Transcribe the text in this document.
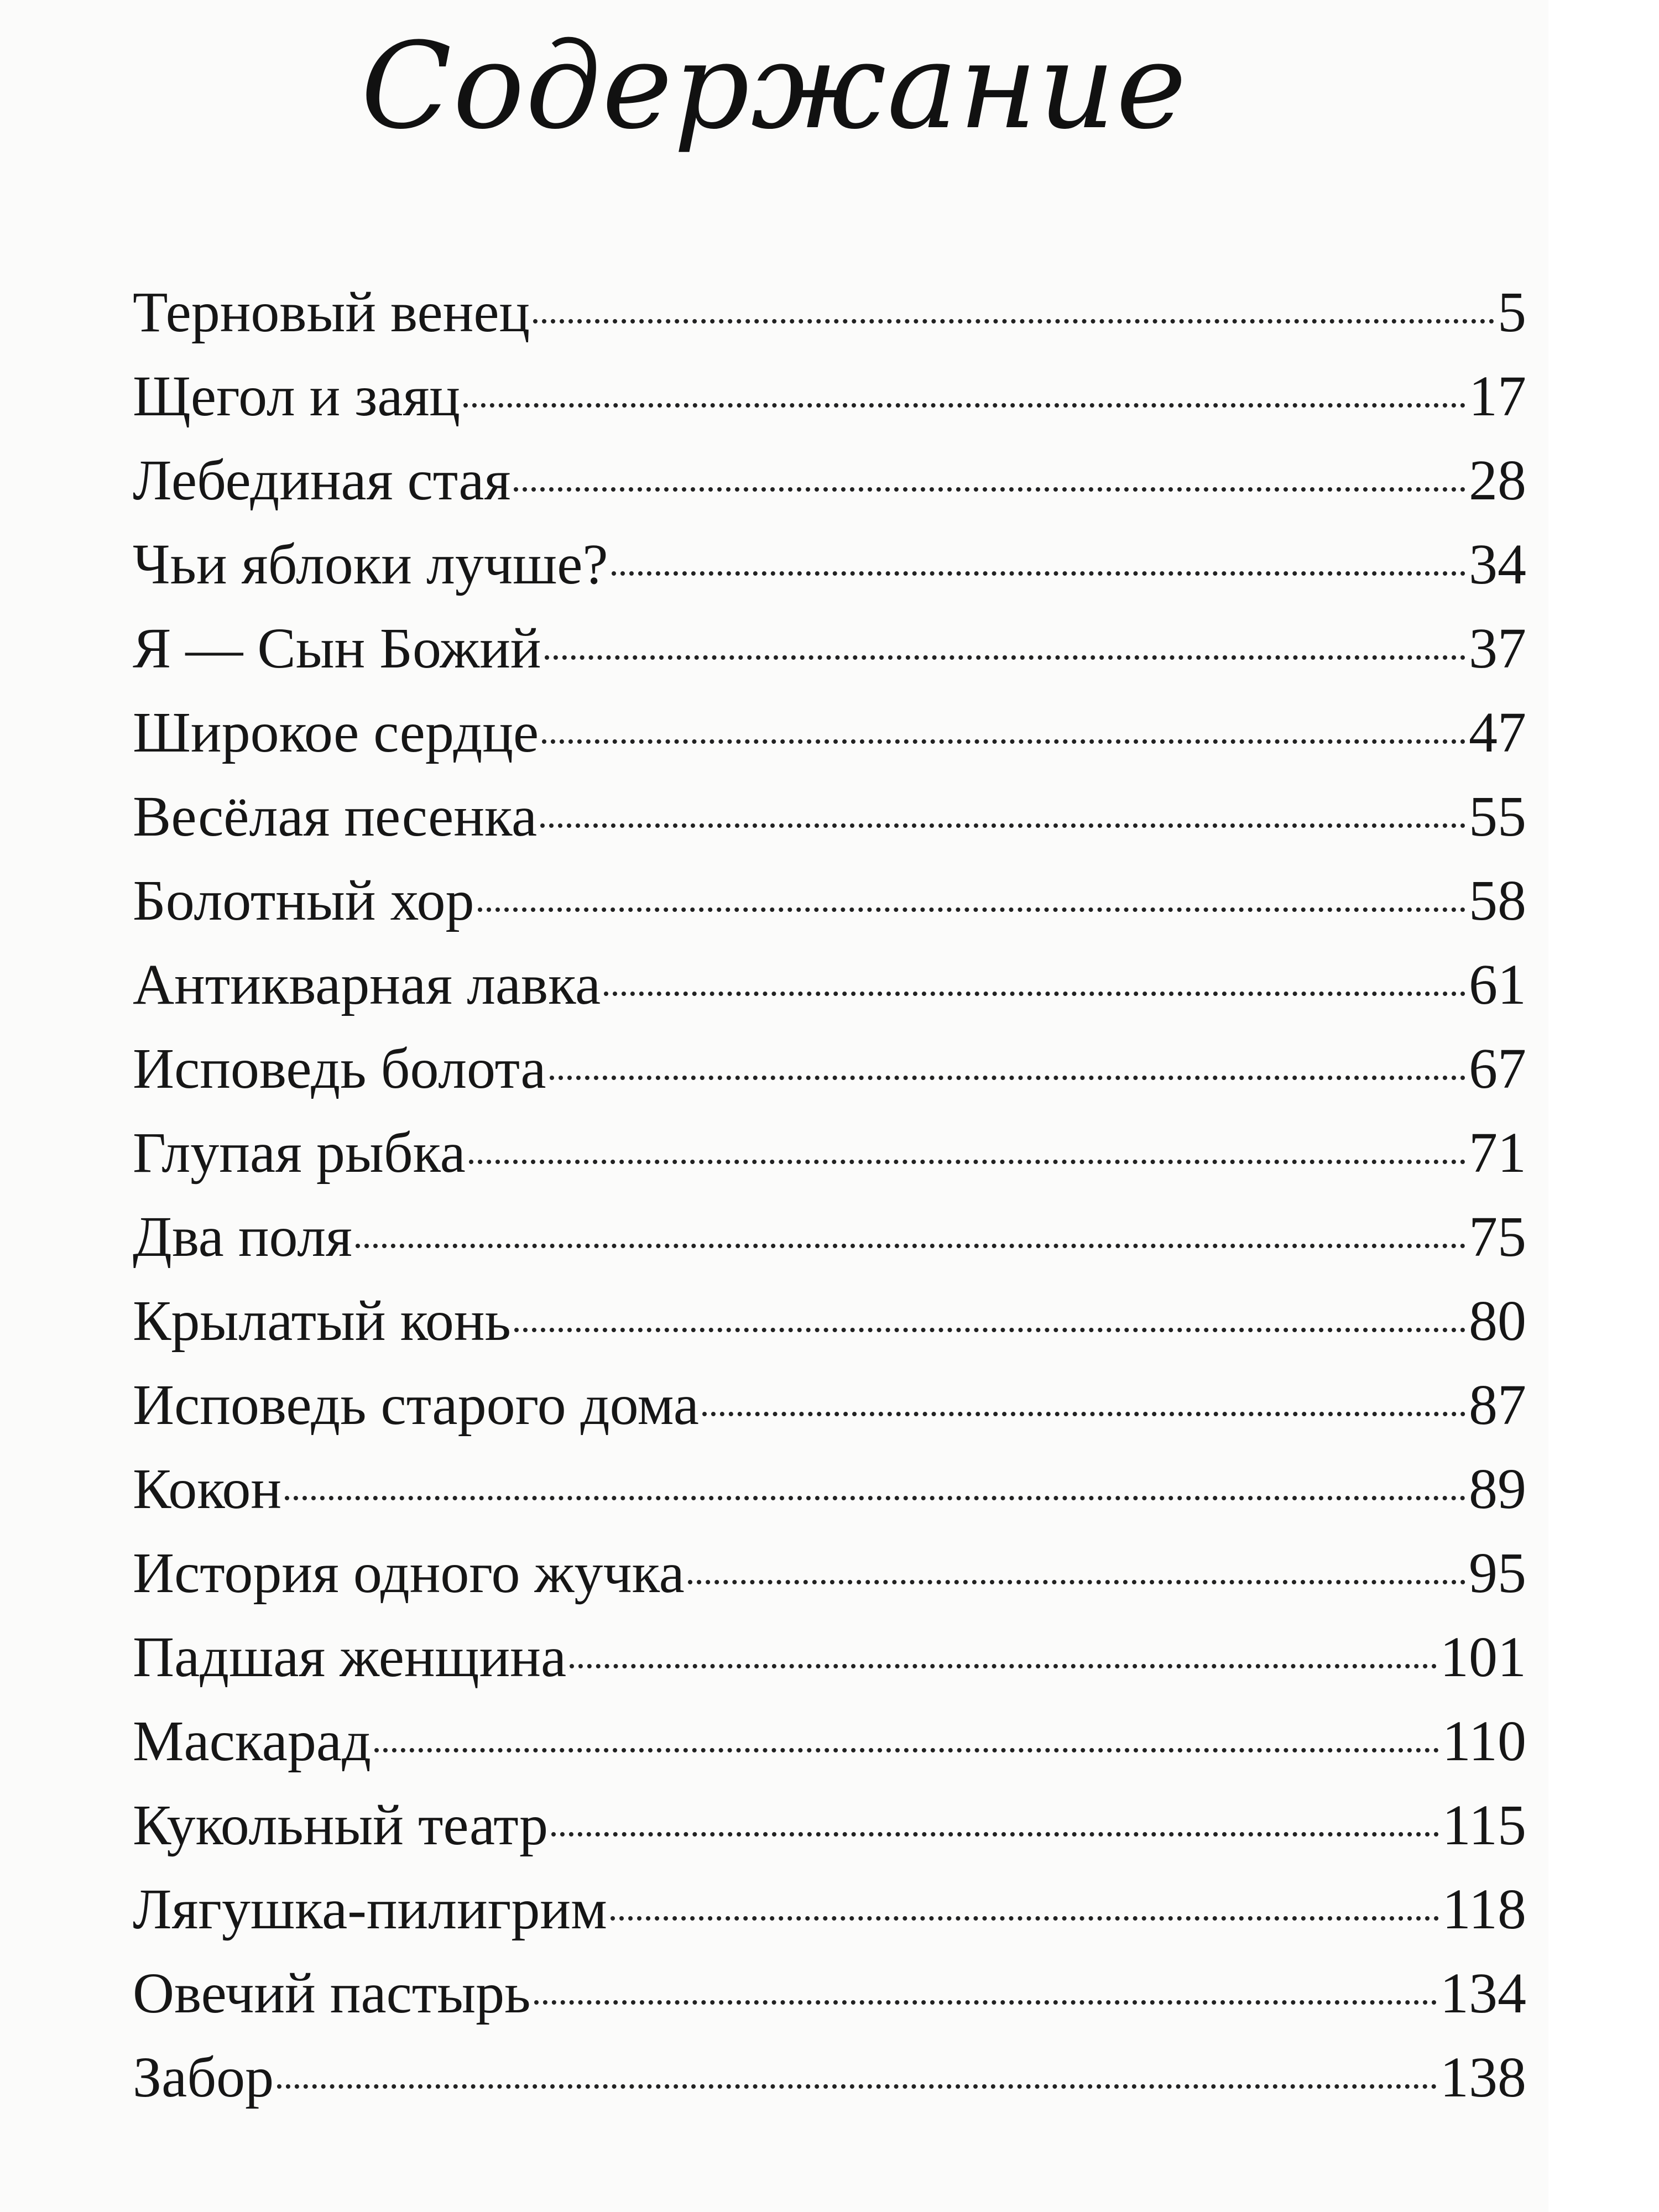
Содержание
Терновый венец	5
Щегол и заяц	17
Лебединая стая	28
Чьи яблоки лучше?	34
Я — Сын Божий	37
Широкое сердце	47
Весёлая песенка	55
Болотный хор	58
Антикварная лавка	61
Исповедь болота	67
Глупая рыбка	71
Два поля	75
Крылатый конь	80
Исповедь старого дома	87
Кокон	89
История одного жучка	95
Падшая женщина	101
Маскарад	110
Кукольный театр	115
Лягушка-пилигрим	118
Овечий пастырь	134
Забор	138
